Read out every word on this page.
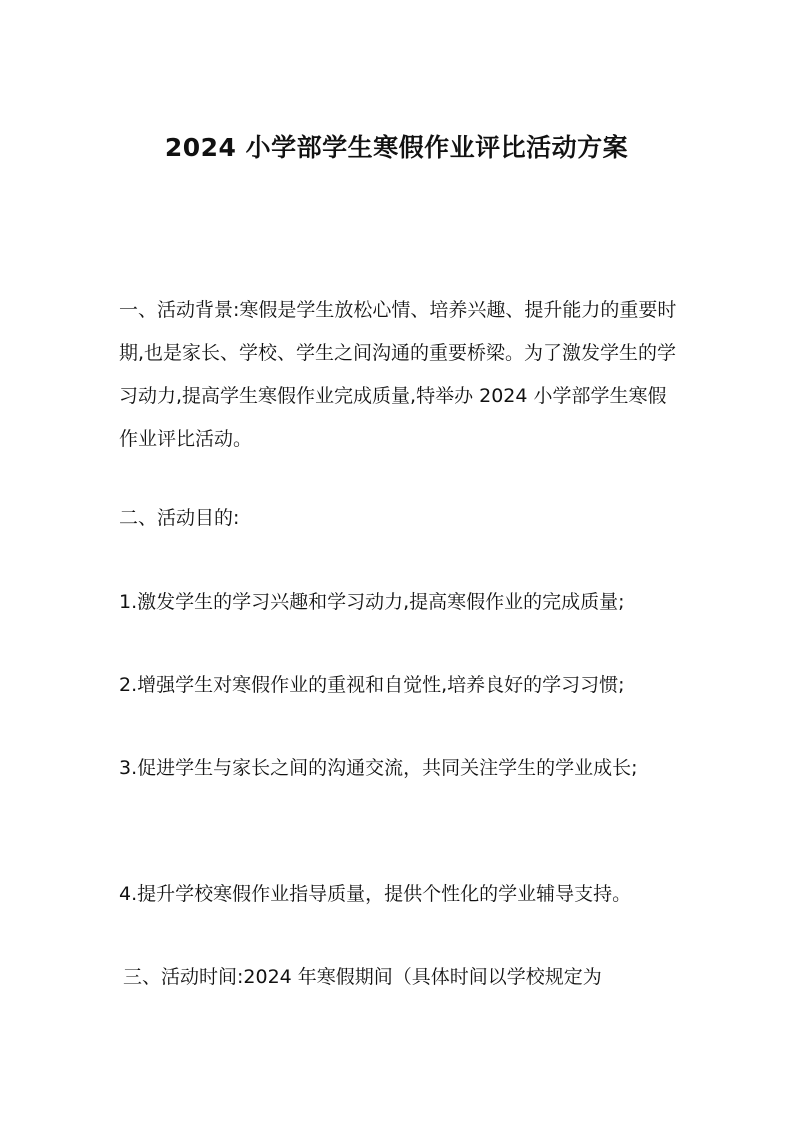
2024 小学部学生寒假作业评比活动方案

一、活动背景:寒假是学生放松心情、培养兴趣、提升能力的重要时期,也是家长、学校、学生之间沟通的重要桥梁。为了激发学生的学习动力,提高学生寒假作业完成质量,特举办 2024 小学部学生寒假作业评比活动。

二、活动目的:

1.激发学生的学习兴趣和学习动力,提高寒假作业的完成质量;

2.增强学生对寒假作业的重视和自觉性,培养良好的学习习惯;

3.促进学生与家长之间的沟通交流，共同关注学生的学业成长;

4.提升学校寒假作业指导质量，提供个性化的学业辅导支持。

三、活动时间:2024 年寒假期间（具体时间以学校规定为
